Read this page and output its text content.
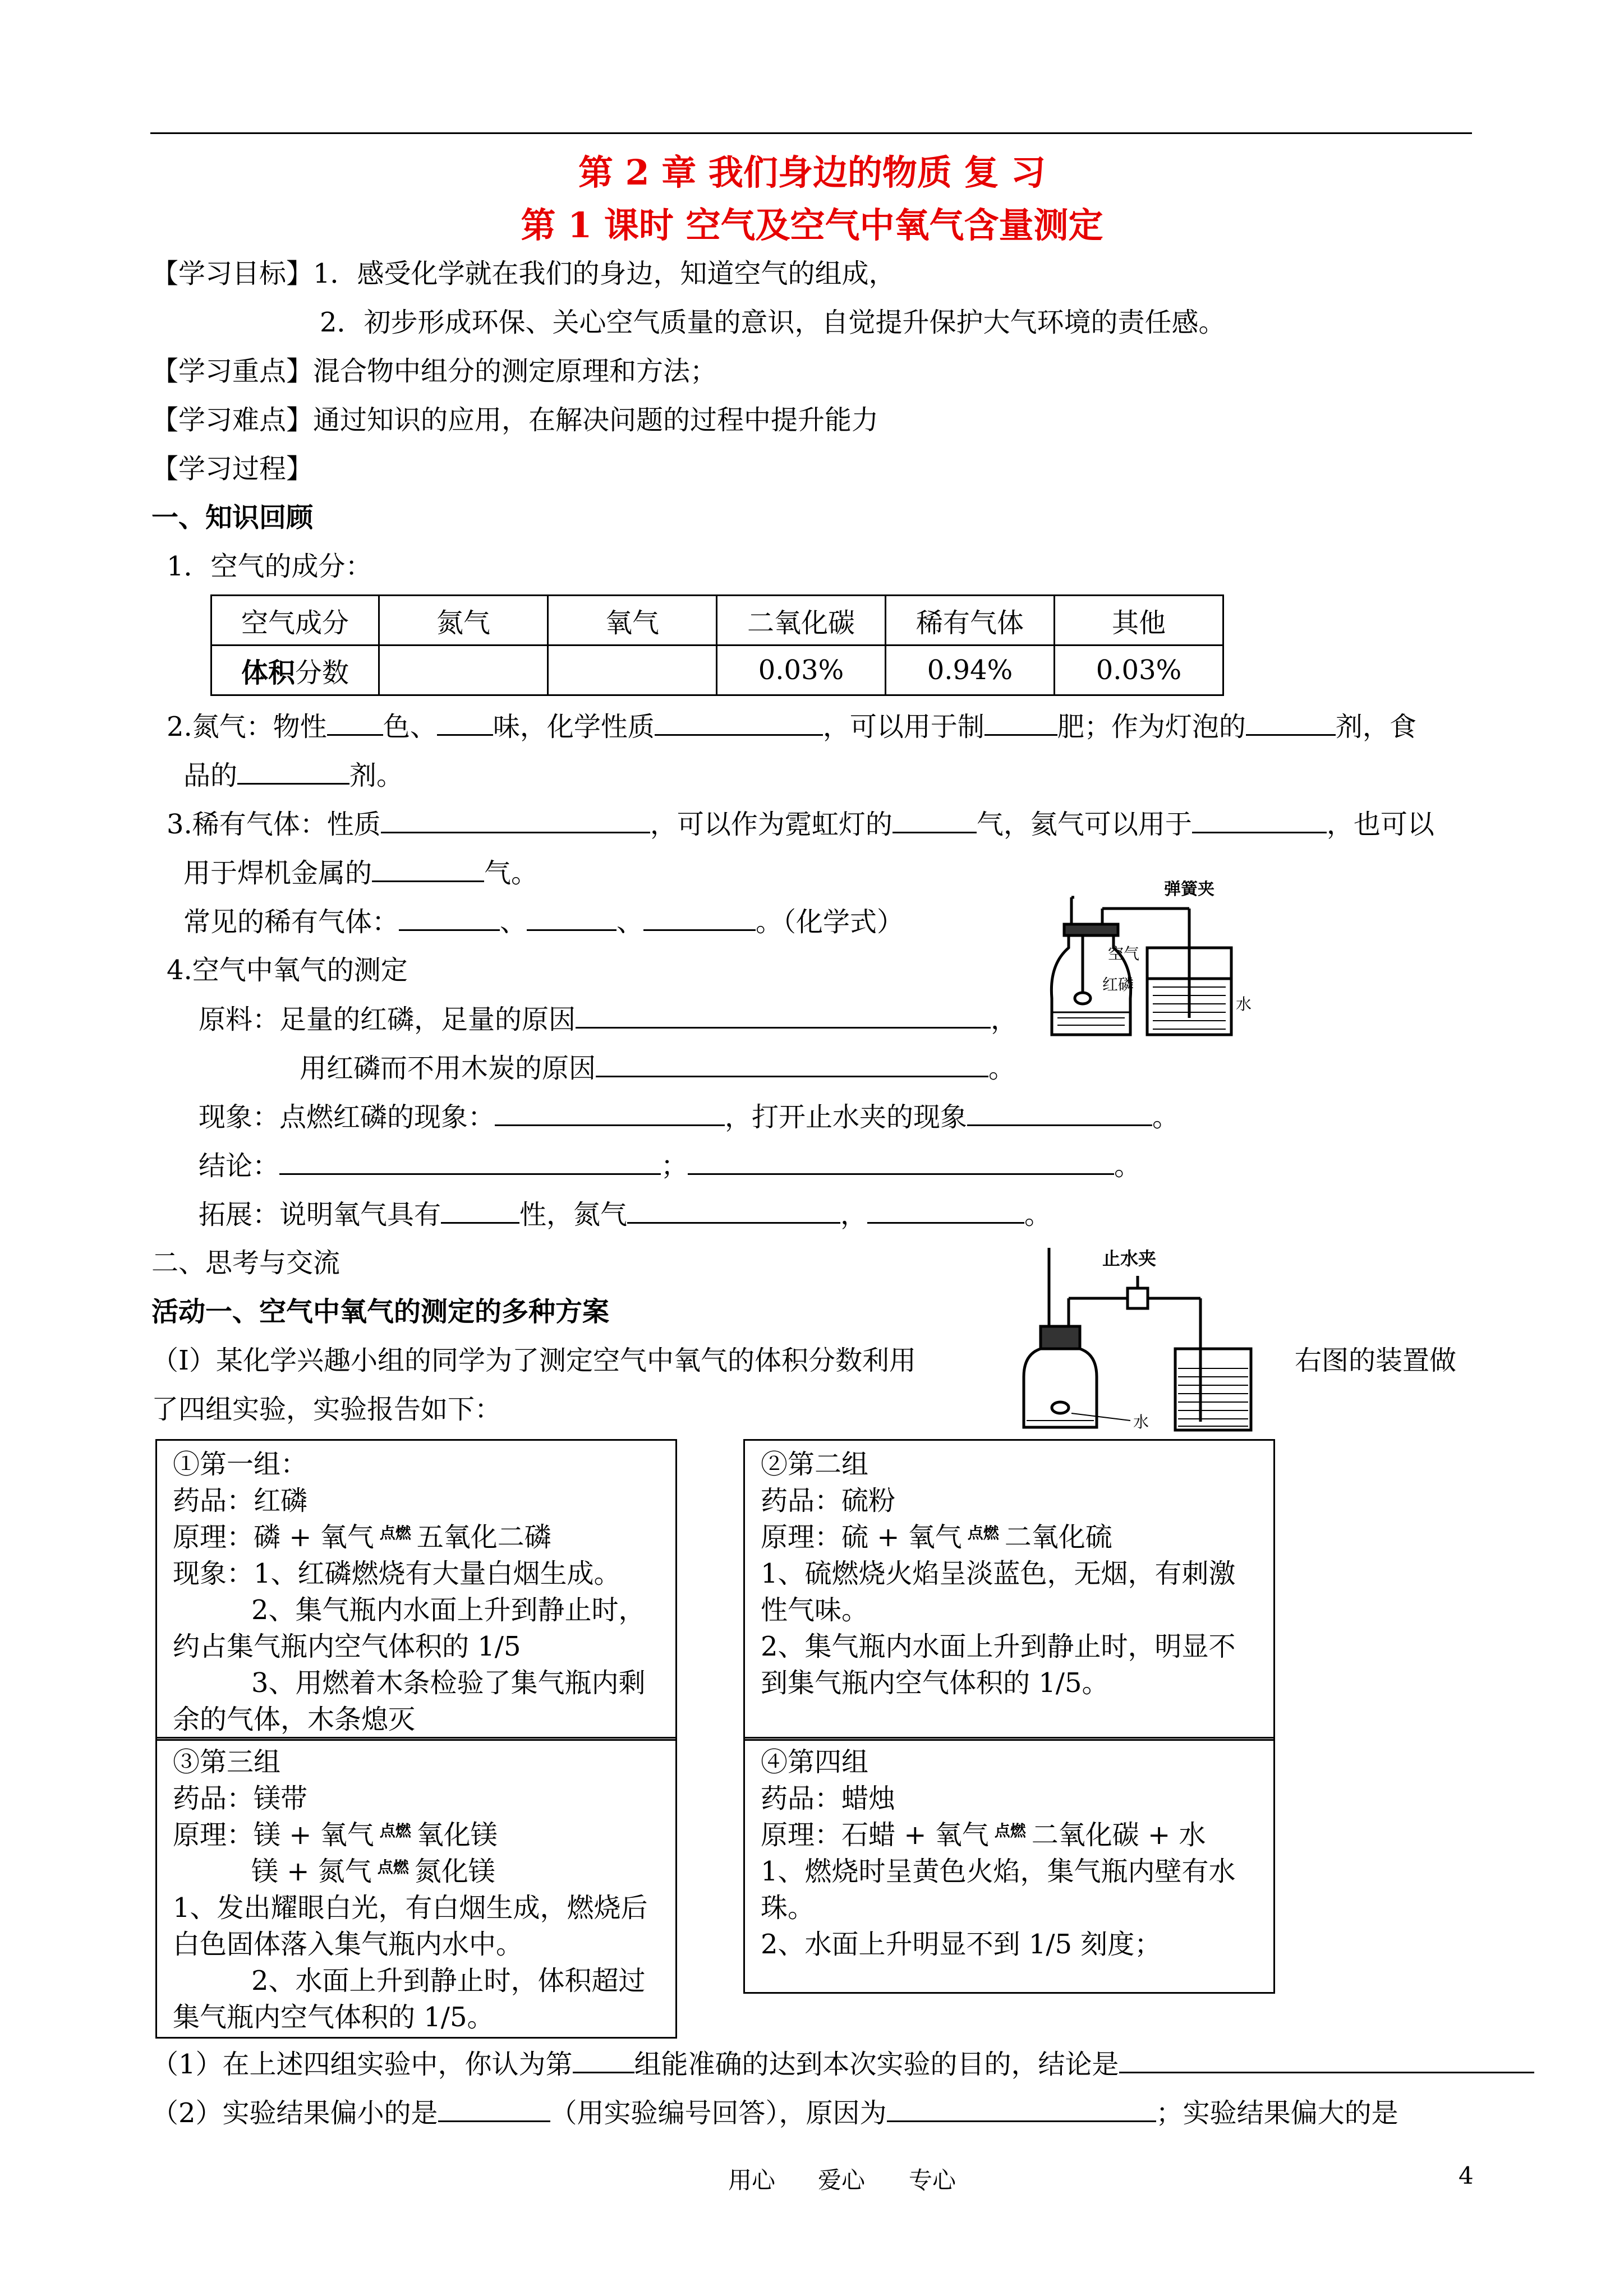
第 2 章 我们身边的物质 复 习
第 1 课时 空气及空气中氧气含量测定
【学习目标】1．感受化学就在我们的身边，知道空气的组成，
2．初步形成环保、关心空气质量的意识，自觉提升保护大气环境的责任感。
【学习重点】混合物中组分的测定原理和方法；
【学习难点】通过知识的应用，在解决问题的过程中提升能力
【学习过程】
一、知识回顾
1．空气的成分：
空气成分	氮气	氧气	二氧化碳	稀有气体	其他
体积分数			0.03%	0.94%	0.03%
2.氮气：物性 色、 味，化学性质	，可以用于制	肥；作为灯泡的	剂，食
品的	剂。
3.稀有气体：性质	，可以作为霓虹灯的	气，氦气可以用于	，也可以
用于焊机金属的	气。
常见的稀有气体：	、	、	。（化学式）
4.空气中氧气的测定
原料：足量的红磷，足量的原因	，
用红磷而不用木炭的原因	。
现象：点燃红磷的现象：	，打开止水夹的现象	。
结论：	；	。
拓展：说明氧气具有	性，氮气	，	。
弹簧夹
空气
红磷
水
二、思考与交流
活动一、空气中氧气的测定的多种方案
止水夹
水
（Ⅰ）某化学兴趣小组的同学为了测定空气中氧气的体积分数利用	右图的装置做
了四组实验，实验报告如下：
①第一组：
药品：红磷
原理：磷 + 氧气 $^{点燃}$ 五氧化二磷
现象：1、红磷燃烧有大量白烟生成。
2、集气瓶内水面上升到静止时，
约占集气瓶内空气体积的 1/5
3、用燃着木条检验了集气瓶内剩
余的气体，木条熄灭
②第二组
药品：硫粉
原理：硫 + 氧气 $^{点燃}$ 二氧化硫
1、硫燃烧火焰呈淡蓝色，无烟，有刺激
性气味。
2、集气瓶内水面上升到静止时，明显不
到集气瓶内空气体积的 1/5。
③第三组
药品：镁带
原理：镁 + 氧气 $^{点燃}$ 氧化镁
镁 + 氮气 $^{点燃}$ 氮化镁
1、发出耀眼白光，有白烟生成，燃烧后
白色固体落入集气瓶内水中。
2、水面上升到静止时，体积超过
集气瓶内空气体积的 1/5。
④第四组
药品：蜡烛
原理：石蜡 + 氧气 $^{点燃}$ 二氧化碳 + 水
1、燃烧时呈黄色火焰，集气瓶内壁有水
珠。
2、水面上升明显不到 1/5 刻度；
（1）在上述四组实验中，你认为第 组能准确的达到本次实验的目的，结论是
（2）实验结果偏小的是	（用实验编号回答），原因为	；实验结果偏大的是
用心 爱心 专心	4
